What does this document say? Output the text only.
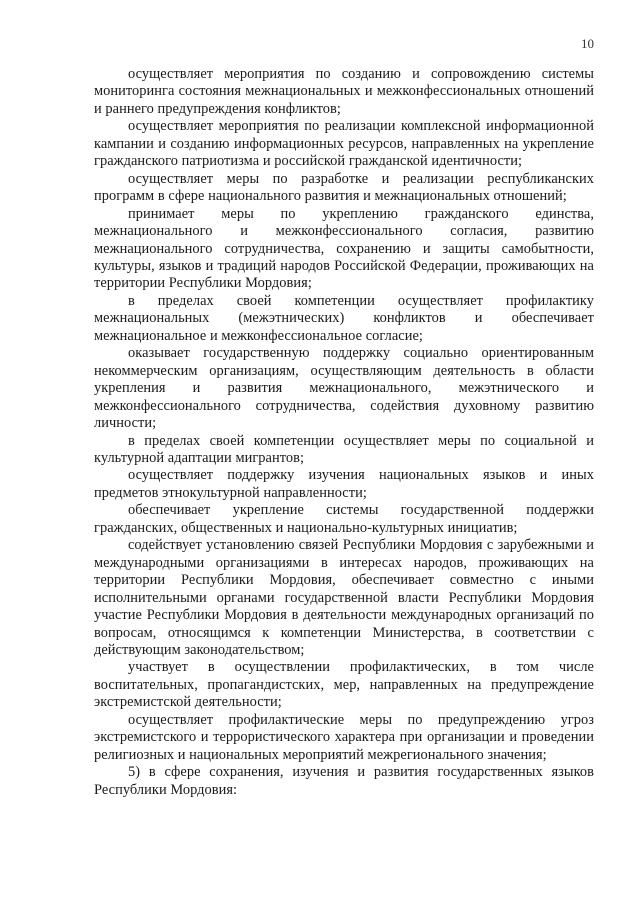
10

осуществляет мероприятия по созданию и сопровождению системы мониторинга состояния межнациональных и межконфессиональных отношений и раннего предупреждения конфликтов;

осуществляет мероприятия по реализации комплексной информационной кампании и созданию информационных ресурсов, направленных на укрепление гражданского патриотизма и российской гражданской идентичности;

осуществляет меры по разработке и реализации республиканских программ в сфере национального развития и межнациональных отношений;

принимает меры по укреплению гражданского единства, межнационального и межконфессионального согласия, развитию межнационального сотрудничества, сохранению и защиты самобытности, культуры, языков и традиций народов Российской Федерации, проживающих на территории Республики Мордовия;

в пределах своей компетенции осуществляет профилактику межнациональных (межэтнических) конфликтов и обеспечивает межнациональное и межконфессиональное согласие;

оказывает государственную поддержку социально ориентированным некоммерческим организациям, осуществляющим деятельность в области укрепления и развития межнационального, межэтнического и межконфессионального сотрудничества, содействия духовному развитию личности;

в пределах своей компетенции осуществляет меры по социальной и культурной адаптации мигрантов;

осуществляет поддержку изучения национальных языков и иных предметов этнокультурной направленности;

обеспечивает укрепление системы государственной поддержки гражданских, общественных и национально-культурных инициатив;

содействует установлению связей Республики Мордовия с зарубежными и международными организациями в интересах народов, проживающих на территории Республики Мордовия, обеспечивает совместно с иными исполнительными органами государственной власти Республики Мордовия участие Республики Мордовия в деятельности международных организаций по вопросам, относящимся к компетенции Министерства, в соответствии с действующим законодательством;

участвует в осуществлении профилактических, в том числе воспитательных, пропагандистских, мер, направленных на предупреждение экстремистской деятельности;

осуществляет профилактические меры по предупреждению угроз экстремистского и террористического характера при организации и проведении религиозных и национальных мероприятий межрегионального значения;

5) в сфере сохранения, изучения и развития государственных языков Республики Мордовия:
